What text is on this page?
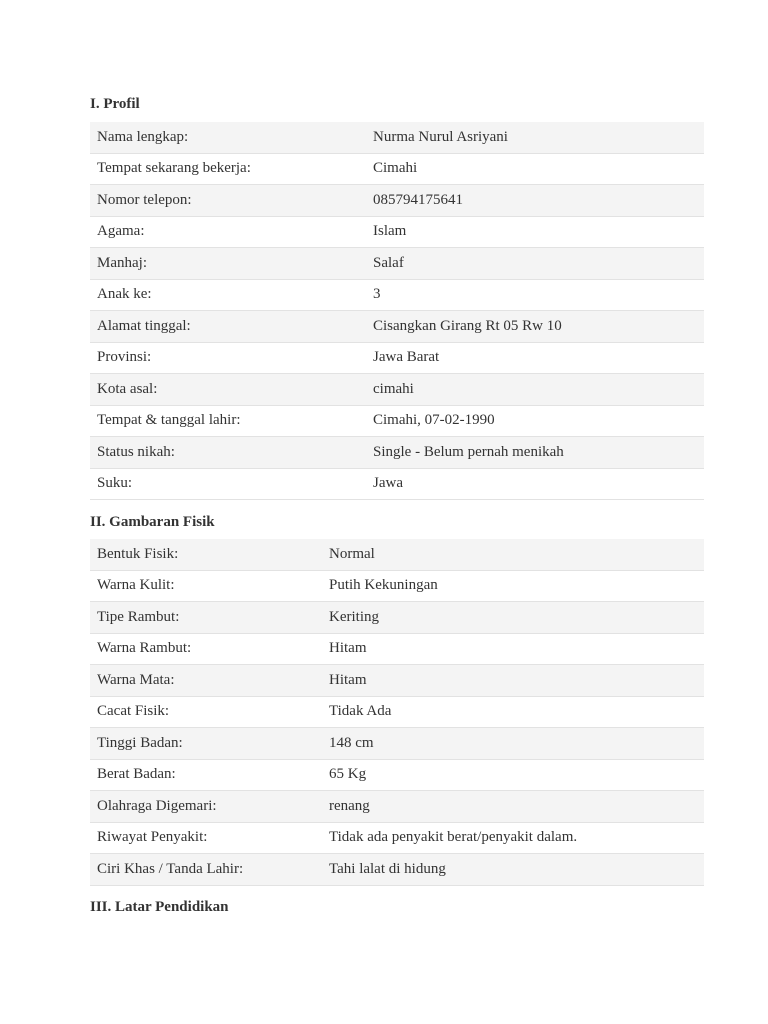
I. Profil
Nama lengkap:	Nurma Nurul Asriyani
Tempat sekarang bekerja:	Cimahi
Nomor telepon:	085794175641
Agama:	Islam
Manhaj:	Salaf
Anak ke:	3
Alamat tinggal:	Cisangkan Girang Rt 05 Rw 10
Provinsi:	Jawa Barat
Kota asal:	cimahi
Tempat & tanggal lahir:	Cimahi, 07-02-1990
Status nikah:	Single - Belum pernah menikah
Suku:	Jawa
II. Gambaran Fisik
Bentuk Fisik:	Normal
Warna Kulit:	Putih Kekuningan
Tipe Rambut:	Keriting
Warna Rambut:	Hitam
Warna Mata:	Hitam
Cacat Fisik:	Tidak Ada
Tinggi Badan:	148 cm
Berat Badan:	65 Kg
Olahraga Digemari:	renang
Riwayat Penyakit:	Tidak ada penyakit berat/penyakit dalam.
Ciri Khas / Tanda Lahir:	Tahi lalat di hidung
III. Latar Pendidikan
